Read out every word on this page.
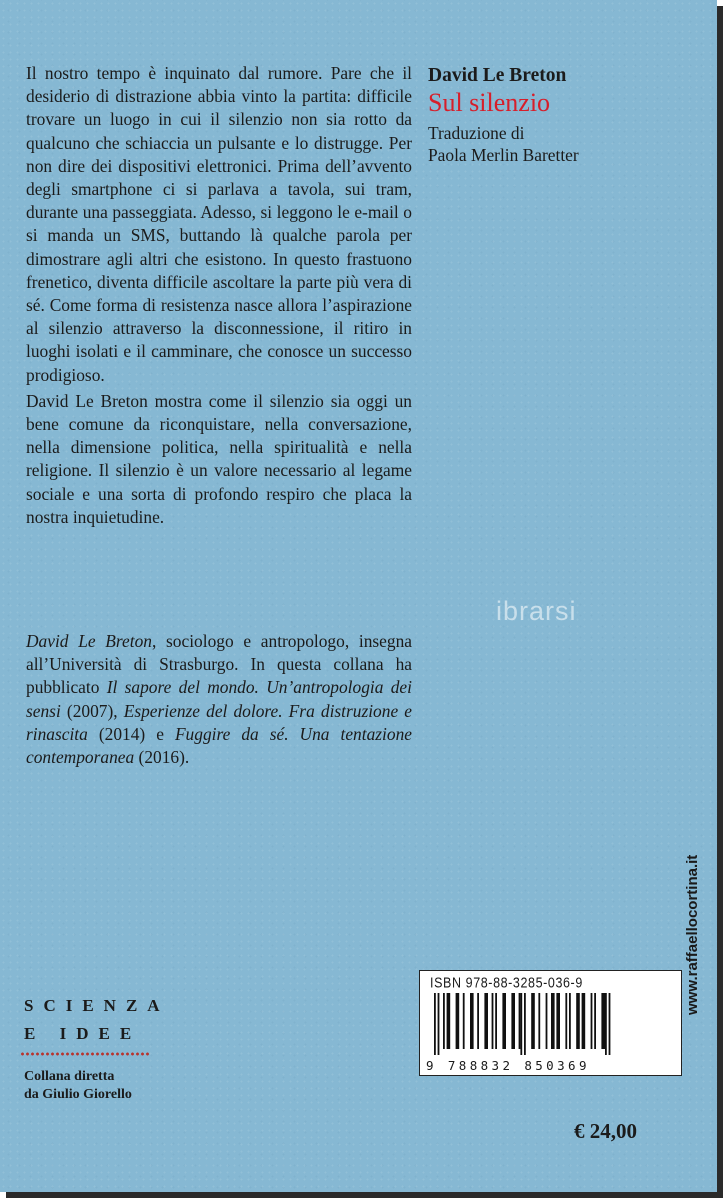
Il nostro tempo è inquinato dal rumore. Pare che il desiderio di distrazione abbia vinto la partita: difficile trovare un luogo in cui il silenzio non sia rotto da qualcuno che schiaccia un pulsante e lo distrugge. Per non dire dei dispositivi elettronici. Prima dell’avvento degli smartphone ci si parlava a tavola, sui tram, durante una passeggiata. Adesso, si leggono le e-mail o si manda un SMS, buttando là qualche parola per dimostrare agli altri che esistono. In questo frastuono frenetico, diventa difficile ascoltare la parte più vera di sé. Come forma di resistenza nasce allora l’aspirazione al silenzio attraverso la disconnessione, il ritiro in luoghi isolati e il camminare, che conosce un successo prodigioso.

David Le Breton mostra come il silenzio sia oggi un bene comune da riconquistare, nella conversazione, nella dimensione politica, nella spiritualità e nella religione. Il silenzio è un valore necessario al legame sociale e una sorta di profondo respiro che placa la nostra inquietudine.

David Le Breton, sociologo e antropologo, insegna all’Università di Strasburgo. In questa collana ha pubblicato Il sapore del mondo. Un’antropologia dei sensi (2007), Esperienze del dolore. Fra distruzione e rinascita (2014) e Fuggire da sé. Una tentazione contemporanea (2016).

David Le Breton
Sul silenzio
Traduzione di
Paola Merlin Baretter
ibrarsi
SCIENZA
E IDEE
Collana diretta
da Giulio Giorello
www.raffaellocortina.it
ISBN 978-88-3285-036-9
9 788832 850369
€ 24,00
